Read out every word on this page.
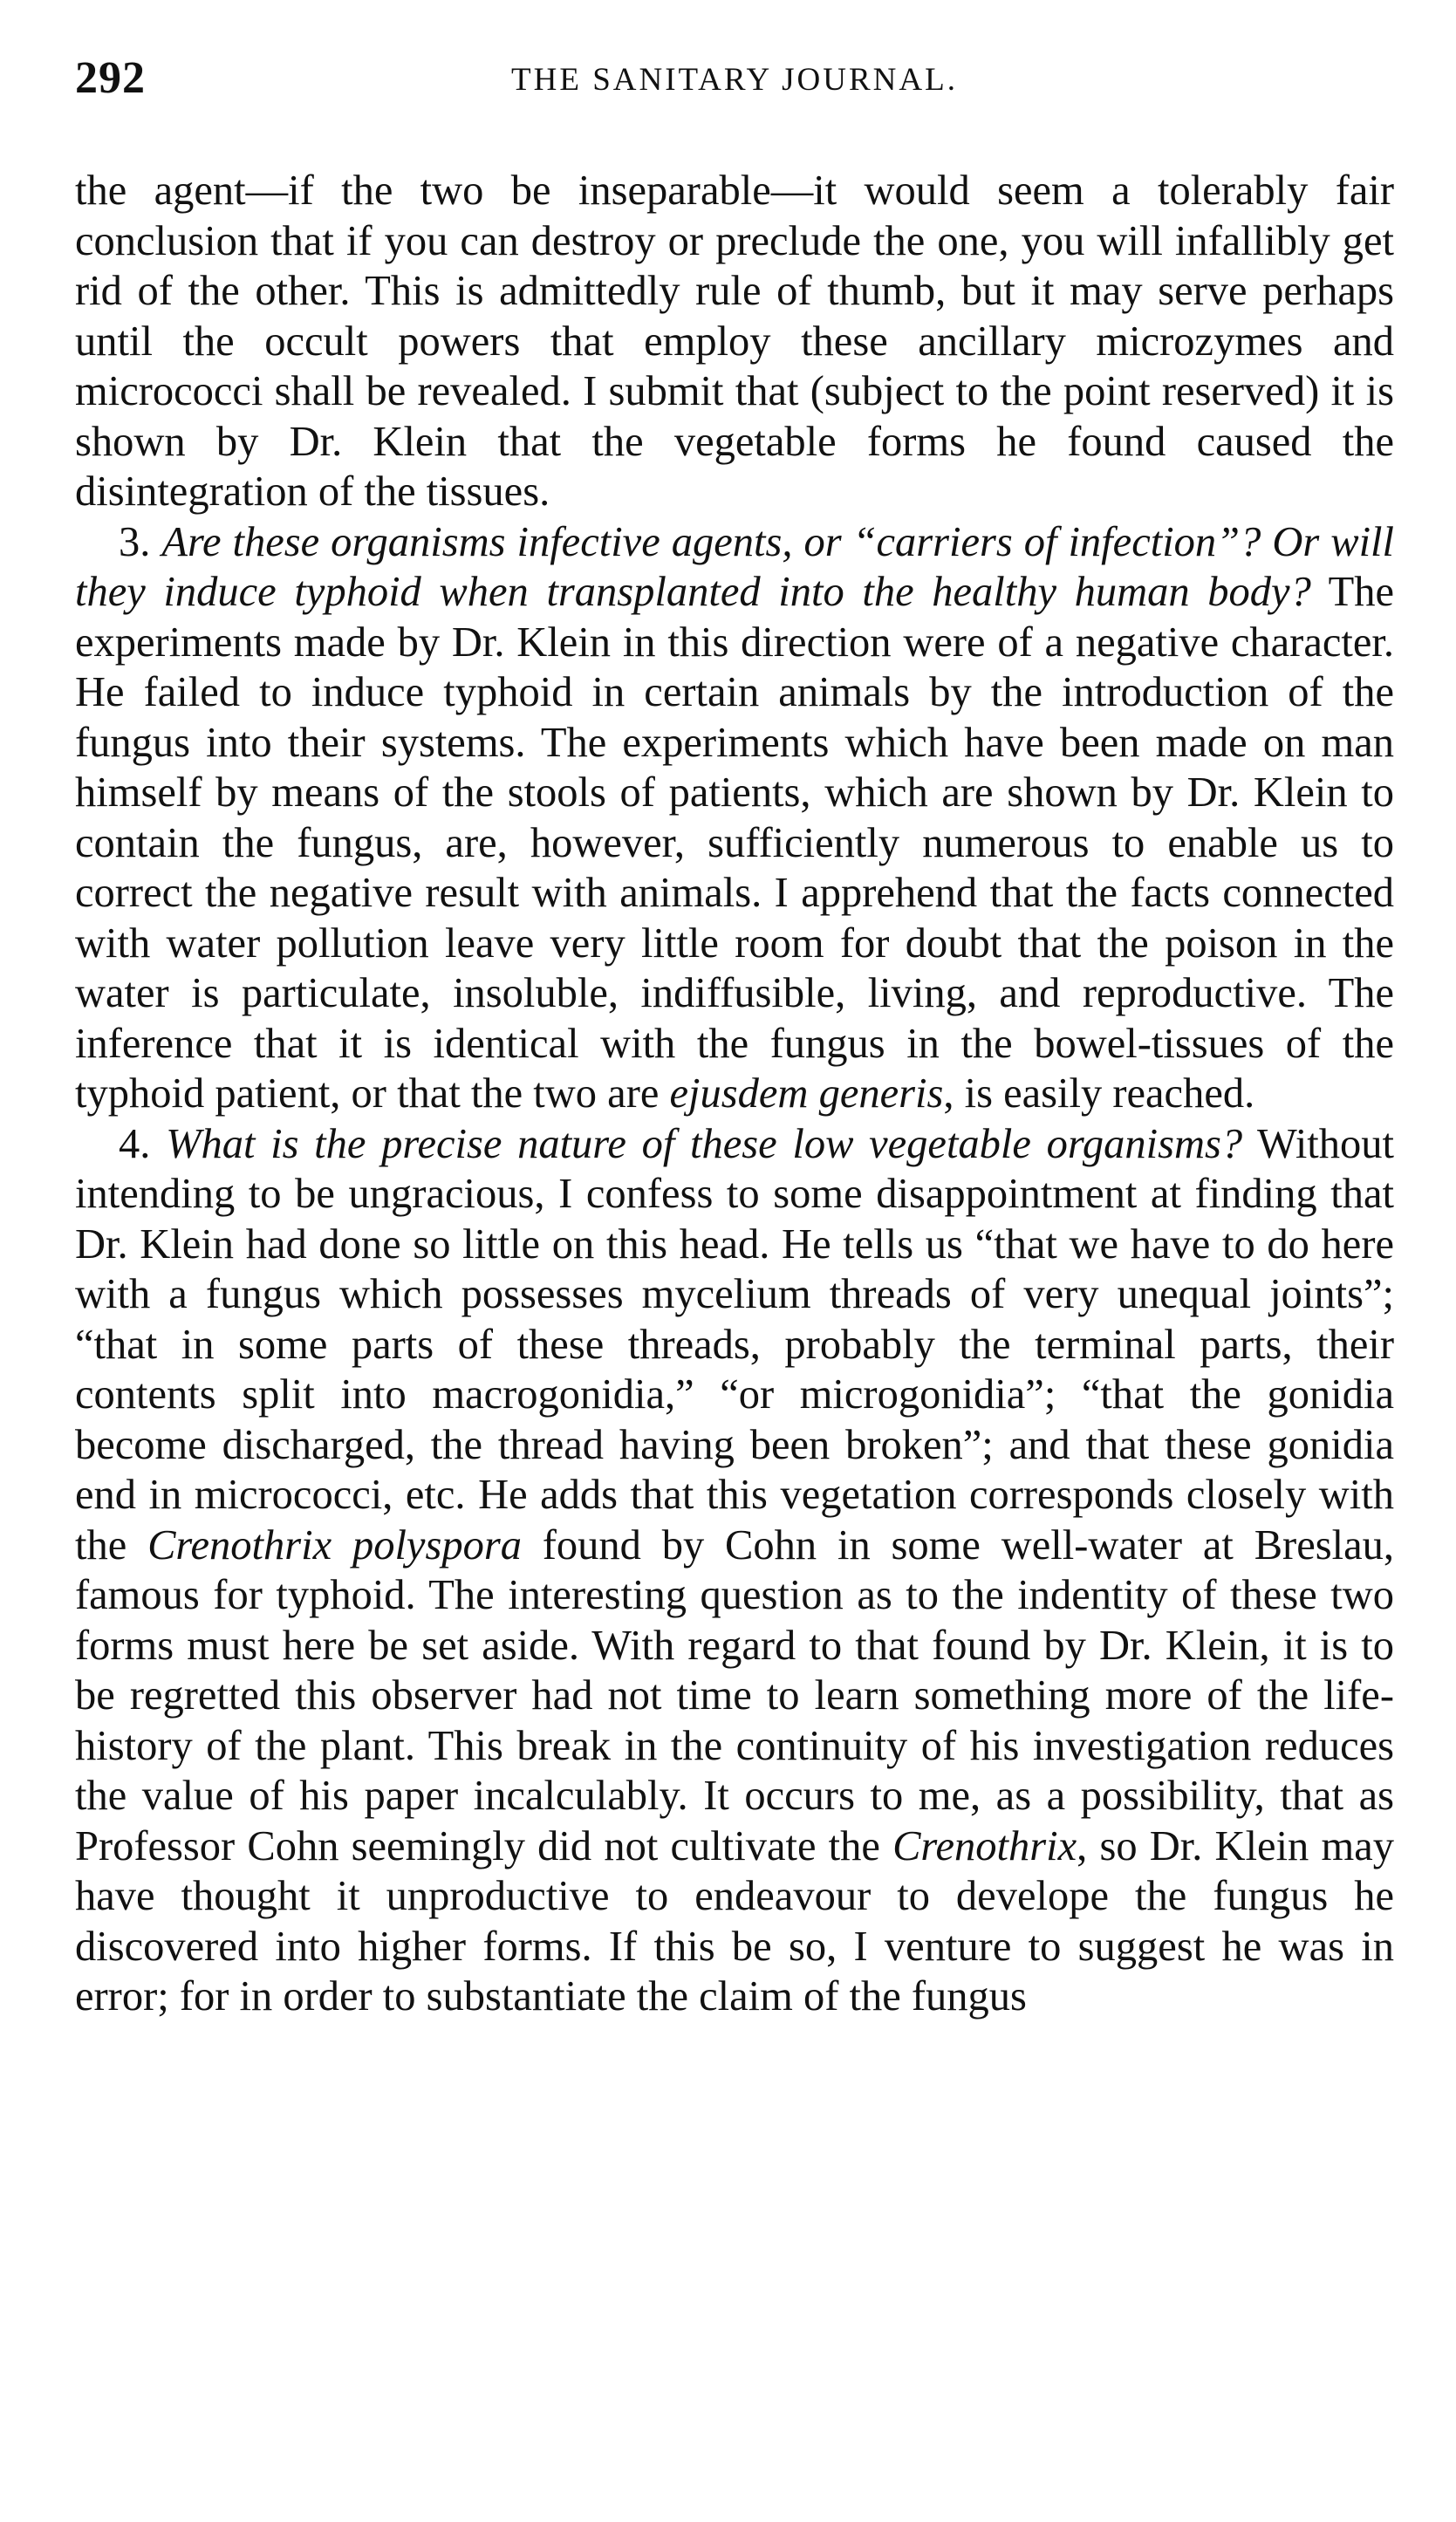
292	THE SANITARY JOURNAL.

the agent—if the two be inseparable—it would seem a tolerably fair conclusion that if you can destroy or preclude the one, you will infallibly get rid of the other. This is admittedly rule of thumb, but it may serve perhaps until the occult powers that employ these ancillary microzymes and micrococci shall be revealed. I submit that (subject to the point reserved) it is shown by Dr. Klein that the vegetable forms he found caused the disintegration of the tissues.

3. Are these organisms infective agents, or “carriers of infection”? Or will they induce typhoid when transplanted into the healthy human body? The experiments made by Dr. Klein in this direction were of a negative character. He failed to induce typhoid in certain animals by the introduction of the fungus into their systems. The experiments which have been made on man himself by means of the stools of patients, which are shown by Dr. Klein to contain the fungus, are, however, sufficiently numerous to enable us to correct the negative result with animals. I apprehend that the facts connected with water pollution leave very little room for doubt that the poison in the water is particulate, insoluble, indiffusible, living, and reproductive. The inference that it is identical with the fungus in the bowel-tissues of the typhoid patient, or that the two are ejusdem generis, is easily reached.

4. What is the precise nature of these low vegetable organisms? Without intending to be ungracious, I confess to some disappointment at finding that Dr. Klein had done so little on this head. He tells us “that we have to do here with a fungus which possesses mycelium threads of very unequal joints”; “that in some parts of these threads, probably the terminal parts, their contents split into macrogonidia,” “or microgonidia”; “that the gonidia become discharged, the thread having been broken”; and that these gonidia end in micrococci, etc. He adds that this vegetation corresponds closely with the Crenothrix polyspora found by Cohn in some well-water at Breslau, famous for typhoid. The interesting question as to the indentity of these two forms must here be set aside. With regard to that found by Dr. Klein, it is to be regretted this observer had not time to learn something more of the life-history of the plant. This break in the continuity of his investigation reduces the value of his paper incalculably. It occurs to me, as a possibility, that as Professor Cohn seemingly did not cultivate the Crenothrix, so Dr. Klein may have thought it unproductive to endeavour to develope the fungus he discovered into higher forms. If this be so, I venture to suggest he was in error; for in order to substantiate the claim of the fungus
